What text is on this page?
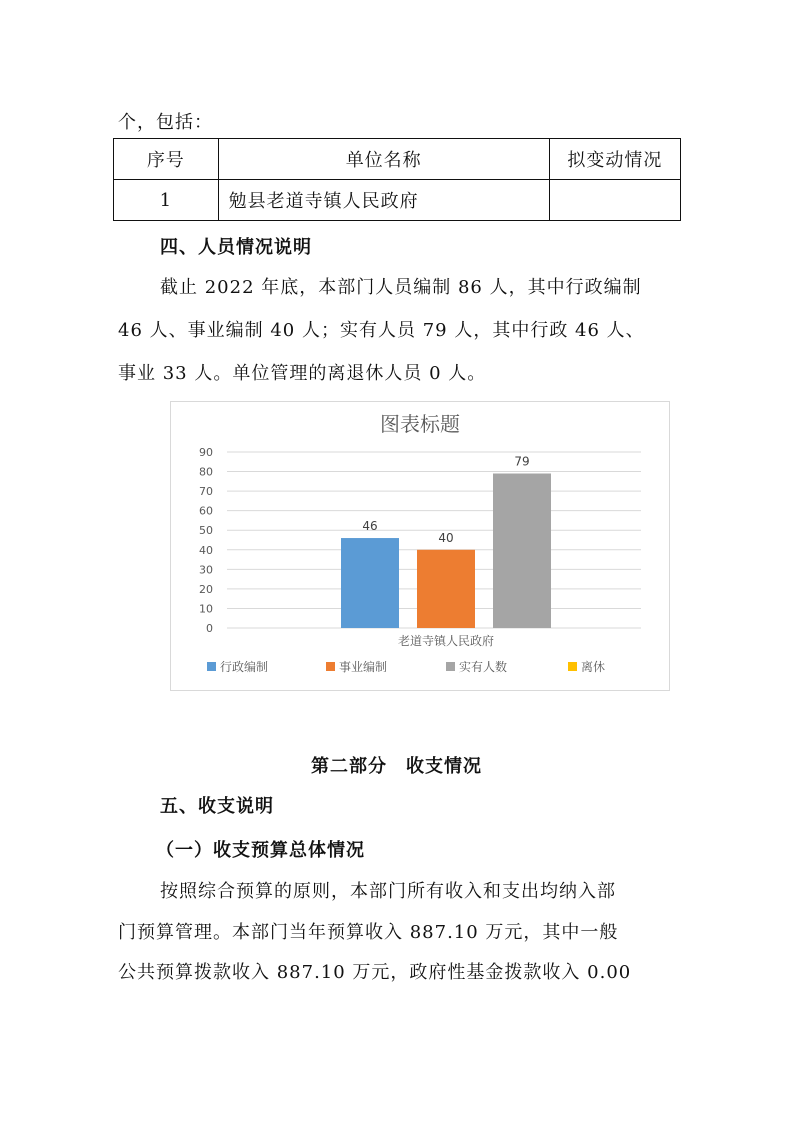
个，包括：
序号	单位名称	拟变动情况
1	勉县老道寺镇人民政府	
四、人员情况说明
截止 2022 年底，本部门人员编制 86 人，其中行政编制
46 人、事业编制 40 人；实有人员 79 人，其中行政 46 人、
事业 33 人。单位管理的离退休人员 0 人。
图表标题
0
10
20
30
40
50
60
70
80
90
46
40
79
老道寺镇人民政府
行政编制	事业编制	实有人数	离休
第二部分　收支情况
五、收支说明
（一）收支预算总体情况
按照综合预算的原则，本部门所有收入和支出均纳入部
门预算管理。本部门当年预算收入 887.10 万元，其中一般
公共预算拨款收入 887.10 万元，政府性基金拨款收入 0.00
